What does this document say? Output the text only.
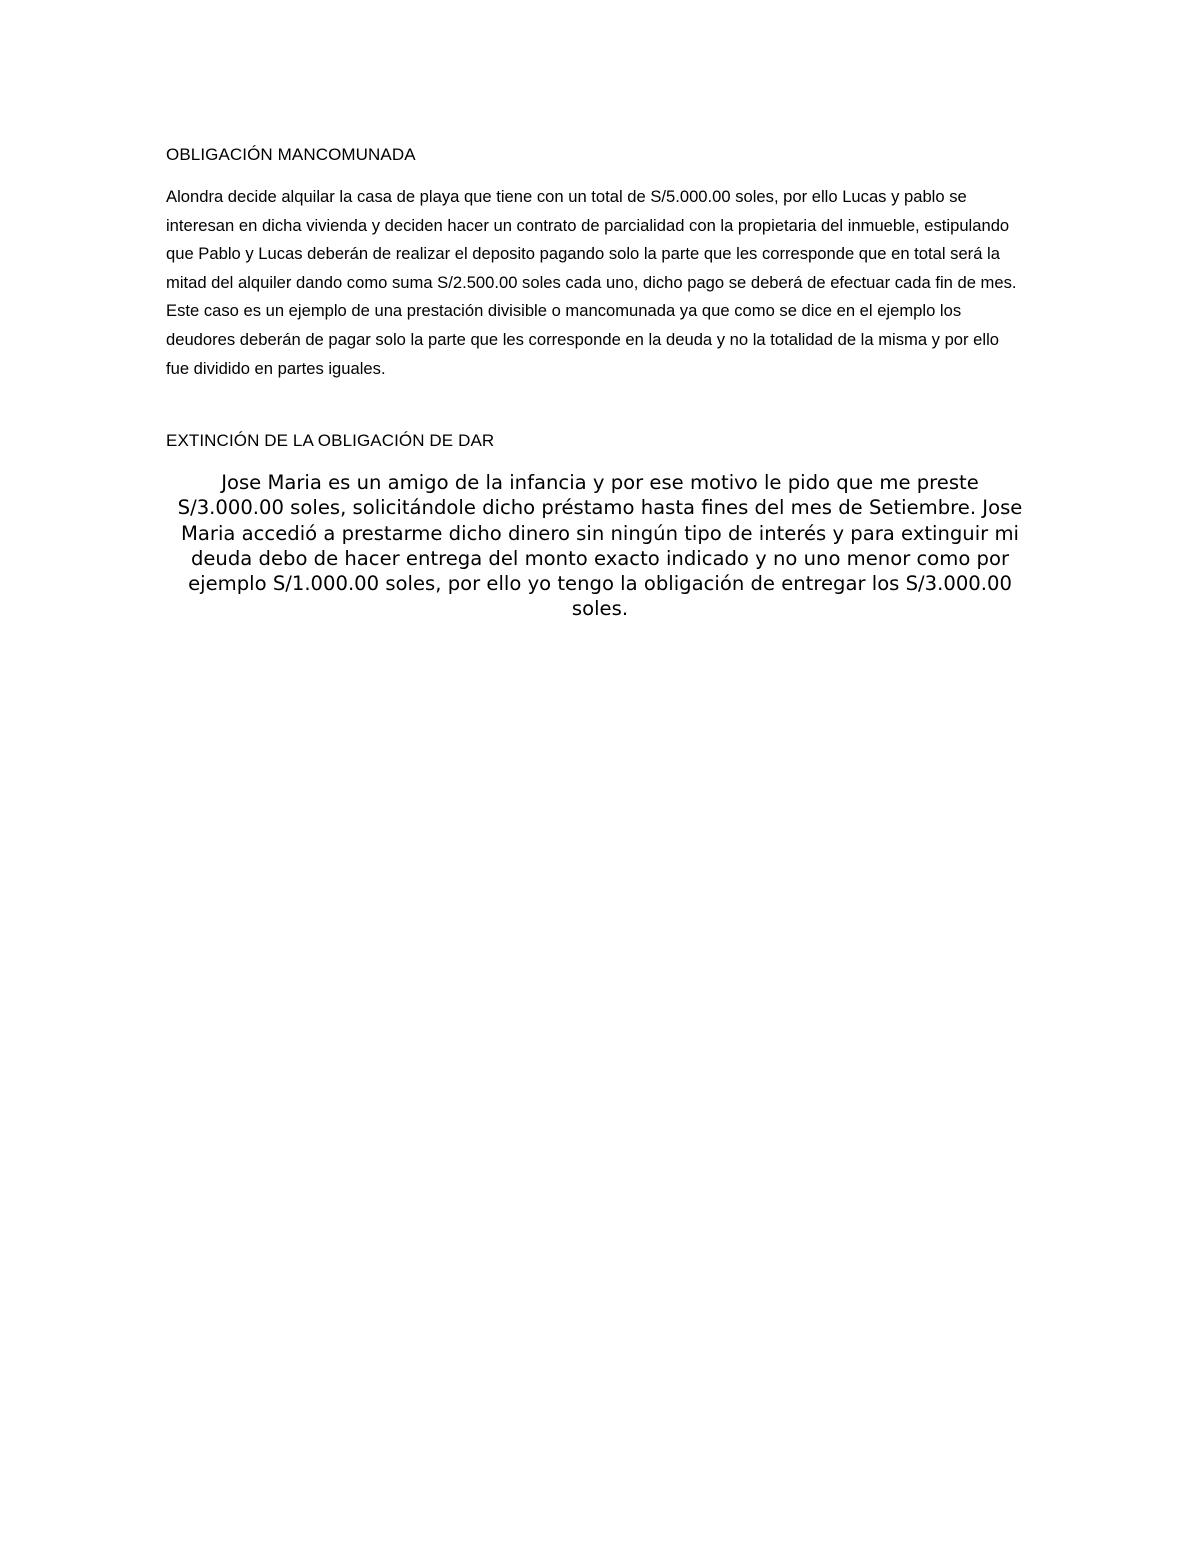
OBLIGACIÓN MANCOMUNADA

Alondra decide alquilar la casa de playa que tiene con un total de S/5.000.00 soles, por ello Lucas y pablo se interesan en dicha vivienda y deciden hacer un contrato de parcialidad con la propietaria del inmueble, estipulando que Pablo y Lucas deberán de realizar el deposito pagando solo la parte que les corresponde que en total será la mitad del alquiler dando como suma S/2.500.00 soles cada uno, dicho pago se deberá de efectuar cada fin de mes. Este caso es un ejemplo de una prestación divisible o mancomunada ya que como se dice en el ejemplo los deudores deberán de pagar solo la parte que les corresponde en la deuda y no la totalidad de la misma y por ello fue dividido en partes iguales.

EXTINCIÓN DE LA OBLIGACIÓN DE DAR

Jose Maria es un amigo de la infancia y por ese motivo le pido que me preste S/3.000.00 soles, solicitándole dicho préstamo hasta fines del mes de Setiembre. Jose Maria accedió a prestarme dicho dinero sin ningún tipo de interés y para extinguir mi deuda debo de hacer entrega del monto exacto indicado y no uno menor como por ejemplo S/1.000.00 soles, por ello yo tengo la obligación de entregar los S/3.000.00 soles.
